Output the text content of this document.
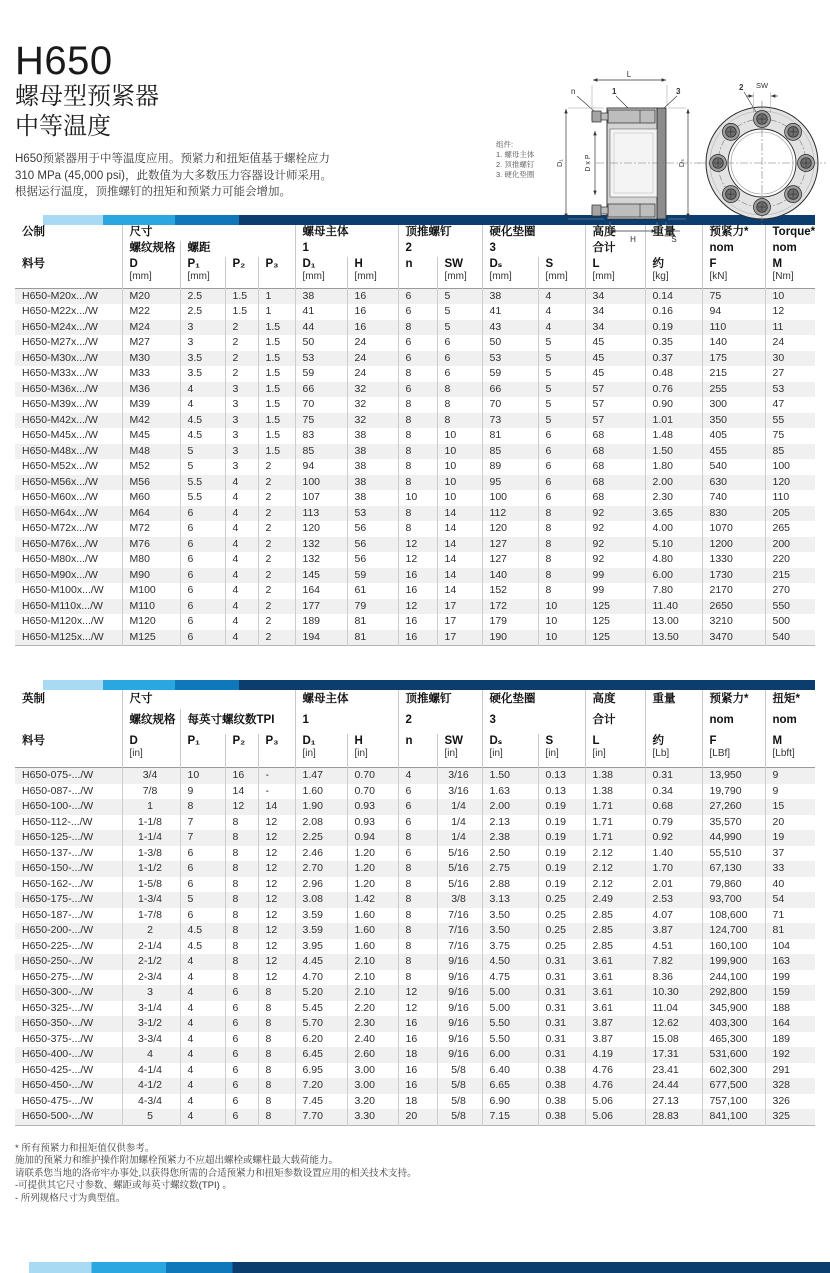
H650
螺母型预紧器
中等温度
H650预紧器用于中等温度应用。预紧力和扭矩值基于螺栓应力
310 MPa (45,000 psi)，此数值为大多数压力容器设计师采用。
根据运行温度，顶推螺钉的扭矩和预紧力可能会增加。
组件:
1. 螺母主体
2. 顶推螺钉
3. 硬化垫圈
L
n	1	3
D₁	D x P	Dₛ
H	S
2 SW
公制	尺寸				螺母主体		顶推螺钉		硬化垫圈		高度	重量	预紧力*	Torque*
	螺纹规格	螺距			1		2		3		合计		nom	nom

料号	D
[mm]

P₁
[mm]

P₂	P₃	D₁
[mm]

H
[mm]

n	SW
[mm]

Dₛ
[mm]

S
[mm]

L
[mm]

约
[kg]

F
[kN]

M
[Nm]

H650-M20x.../W	M20	2.5	1.5	1	38	16	6	5	38	4	34	0.14	75	10
H650-M22x.../W	M22	2.5	1.5	1	41	16	6	5	41	4	34	0.16	94	12
H650-M24x.../W	M24	3	2	1.5	44	16	8	5	43	4	34	0.19	110	11
H650-M27x.../W	M27	3	2	1.5	50	24	6	6	50	5	45	0.35	140	24
H650-M30x.../W	M30	3.5	2	1.5	53	24	6	6	53	5	45	0.37	175	30
H650-M33x.../W	M33	3.5	2	1.5	59	24	8	6	59	5	45	0.48	215	27
H650-M36x.../W	M36	4	3	1.5	66	32	6	8	66	5	57	0.76	255	53
H650-M39x.../W	M39	4	3	1.5	70	32	8	8	70	5	57	0.90	300	47
H650-M42x.../W	M42	4.5	3	1.5	75	32	8	8	73	5	57	1.01	350	55
H650-M45x.../W	M45	4.5	3	1.5	83	38	8	10	81	6	68	1.48	405	75
H650-M48x.../W	M48	5	3	1.5	85	38	8	10	85	6	68	1.50	455	85
H650-M52x.../W	M52	5	3	2	94	38	8	10	89	6	68	1.80	540	100
H650-M56x.../W	M56	5.5	4	2	100	38	8	10	95	6	68	2.00	630	120
H650-M60x.../W	M60	5.5	4	2	107	38	10	10	100	6	68	2.30	740	110
H650-M64x.../W	M64	6	4	2	113	53	8	14	112	8	92	3.65	830	205
H650-M72x.../W	M72	6	4	2	120	56	8	14	120	8	92	4.00	1070	265
H650-M76x.../W	M76	6	4	2	132	56	12	14	127	8	92	5.10	1200	200
H650-M80x.../W	M80	6	4	2	132	56	12	14	127	8	92	4.80	1330	220
H650-M90x.../W	M90	6	4	2	145	59	16	14	140	8	99	6.00	1730	215
H650-M100x.../W	M100	6	4	2	164	61	16	14	152	8	99	7.80	2170	270
H650-M110x.../W	M110	6	4	2	177	79	12	17	172	10	125	11.40	2650	550
H650-M120x.../W	M120	6	4	2	189	81	16	17	179	10	125	13.00	3210	500
H650-M125x.../W	M125	6	4	2	194	81	16	17	190	10	125	13.50	3470	540
英制	尺寸				螺母主体		顶推螺钉		硬化垫圈		高度	重量	预紧力*	扭矩*
	螺纹规格	每英寸螺纹数TPI			1		2		3		合计		nom	nom

料号	D
[in]

P₁	P₂	P₃	D₁
[in]

H
[in]

n	SW
[in]

Dₛ
[in]

S
[in]

L
[in]

约
[Lb]

F
[LBf]

M
[Lbft]

H650-075-.../W	3/4	10	16	-	1.47	0.70	4	3/16	1.50	0.13	1.38	0.31	13,950	9
H650-087-.../W	7/8	9	14	-	1.60	0.70	6	3/16	1.63	0.13	1.38	0.34	19,790	9
H650-100-.../W	1	8	12	14	1.90	0.93	6	1/4	2.00	0.19	1.71	0.68	27,260	15
H650-112-.../W	1-1/8	7	8	12	2.08	0.93	6	1/4	2.13	0.19	1.71	0.79	35,570	20
H650-125-.../W	1-1/4	7	8	12	2.25	0.94	8	1/4	2.38	0.19	1.71	0.92	44,990	19
H650-137-.../W	1-3/8	6	8	12	2.46	1.20	6	5/16	2.50	0.19	2.12	1.40	55,510	37
H650-150-.../W	1-1/2	6	8	12	2.70	1.20	8	5/16	2.75	0.19	2.12	1.70	67,130	33
H650-162-.../W	1-5/8	6	8	12	2.96	1.20	8	5/16	2.88	0.19	2.12	2.01	79,860	40
H650-175-.../W	1-3/4	5	8	12	3.08	1.42	8	3/8	3.13	0.25	2.49	2.53	93,700	54
H650-187-.../W	1-7/8	6	8	12	3.59	1.60	8	7/16	3.50	0.25	2.85	4.07	108,600	71
H650-200-.../W	2	4.5	8	12	3.59	1.60	8	7/16	3.50	0.25	2.85	3.87	124,700	81
H650-225-.../W	2-1/4	4.5	8	12	3.95	1.60	8	7/16	3.75	0.25	2.85	4.51	160,100	104
H650-250-.../W	2-1/2	4	8	12	4.45	2.10	8	9/16	4.50	0.31	3.61	7.82	199,900	163
H650-275-.../W	2-3/4	4	8	12	4.70	2.10	8	9/16	4.75	0.31	3.61	8.36	244,100	199
H650-300-.../W	3	4	6	8	5.20	2.10	12	9/16	5.00	0.31	3.61	10.30	292,800	159
H650-325-.../W	3-1/4	4	6	8	5.45	2.20	12	9/16	5.00	0.31	3.61	11.04	345,900	188
H650-350-.../W	3-1/2	4	6	8	5.70	2.30	16	9/16	5.50	0.31	3.87	12.62	403,300	164
H650-375-.../W	3-3/4	4	6	8	6.20	2.40	16	9/16	5.50	0.31	3.87	15.08	465,300	189
H650-400-.../W	4	4	6	8	6.45	2.60	18	9/16	6.00	0.31	4.19	17.31	531,600	192
H650-425-.../W	4-1/4	4	6	8	6.95	3.00	16	5/8	6.40	0.38	4.76	23.41	602,300	291
H650-450-.../W	4-1/2	4	6	8	7.20	3.00	16	5/8	6.65	0.38	4.76	24.44	677,500	328
H650-475-.../W	4-3/4	4	6	8	7.45	3.20	18	5/8	6.90	0.38	5.06	27.13	757,100	326
H650-500-.../W	5	4	6	8	7.70	3.30	20	5/8	7.15	0.38	5.06	28.83	841,100	325
* 所有预紧力和扭矩值仅供参考。
施加的预紧力和维护操作附加螺栓预紧力不应超出螺栓或螺柱最大载荷能力。
请联系您当地的洛帝牢办事处,以获得您所需的合适预紧力和扭矩参数设置应用的相关技术支持。
-可提供其它尺寸参数、螺距或每英寸螺纹数(TPI) 。
- 所列规格尺寸为典型值。
